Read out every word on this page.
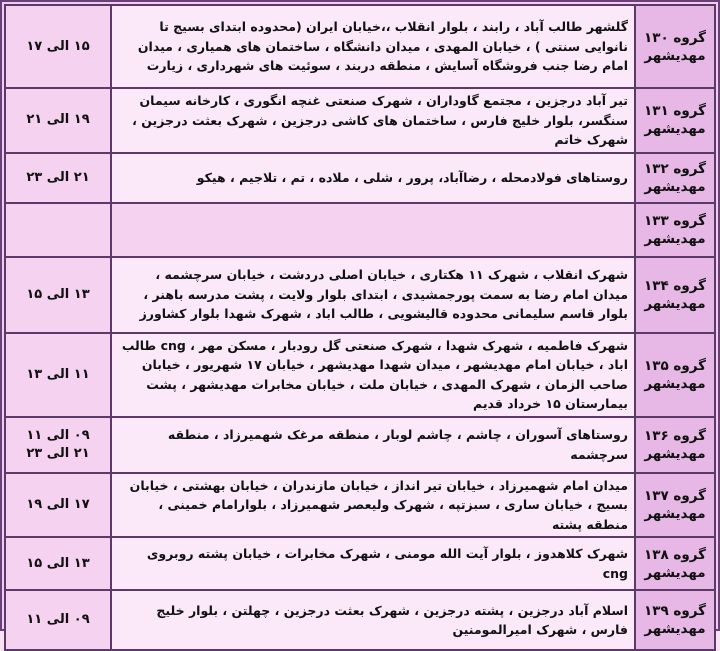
گروه ۱۳۰
مهدیشهر	گلشهر طالب آباد ، رابند ، بلوار انقلاب ،،خیابان ایران (محدوده ابتدای بسیج تا نانوایی سنتی ) ، خیابان المهدی ، میدان دانشگاه ، ساختمان های همیاری ، میدان امام رضا جنب فروشگاه آسایش ، منطقه دربند ، سوئیت های شهرداری ، زیارت	۱۵ الی ۱۷

گروه ۱۳۱
مهدیشهر	تیر آباد درجزین ، مجتمع گاوداران ، شهرک صنعتی غنچه انگوری ، کارخانه سیمان سنگسر، بلوار خلیج فارس ، ساختمان های کاشی درجزین ، شهرک بعثت درجزین ، شهرک خاتم	۱۹ الی ۲۱

گروه ۱۳۲
مهدیشهر	روستاهای فولادمحله ، رضاآباد، پرور ، شلی ، ملاده ، تم ، تلاجیم ، هیکو	۲۱ الی ۲۳

گروه ۱۳۳
مهدیشهر		

گروه ۱۳۴
مهدیشهر	شهرک انقلاب ، شهرک ۱۱ هکتاری ، خیابان اصلی دردشت ، خیابان سرچشمه ، میدان امام رضا به سمت پورجمشیدی ، ابتدای بلوار ولایت ، پشت مدرسه باهنر ، بلوار قاسم سلیمانی محدوده قالیشویی ، طالب اباد ، شهرک شهدا بلوار کشاورز	۱۳ الی ۱۵

گروه ۱۳۵
مهدیشهر	شهرک فاطمیه ، شهرک شهدا ، شهرک صنعتی گل رودبار ، مسکن مهر ، cng طالب اباد ، خیابان امام مهدیشهر ، میدان شهدا مهدیشهر ، خیابان ۱۷ شهریور ، خیابان صاحب الزمان ، شهرک المهدی ، خیابان ملت ، خیابان مخابرات مهدیشهر ، پشت بیمارستان ۱۵ خرداد قدیم	۱۱ الی ۱۳

گروه ۱۳۶
مهدیشهر	روستاهای آسوران ، چاشم ، چاشم لوبار ، منطقه مرغک شهمیرزاد ، منطقه سرچشمه	۰۹ الی ۱۱
۲۱ الی ۲۳

گروه ۱۳۷
مهدیشهر	میدان امام شهمیرزاد ، خیابان تیر انداز ، خیابان مازندران ، خیابان بهشتی ، خیابان بسیج ، خیابان ساری ، سبزتپه ، شهرک ولیعصر شهمیرزاد ، بلوارامام خمینی ، منطقه پشته	۱۷ الی ۱۹

گروه ۱۳۸
مهدیشهر	شهرک کلاهدوز ، بلوار آیت الله مومنی ، شهرک مخابرات ، خیابان پشته روبروی cng	۱۳ الی ۱۵

گروه ۱۳۹
مهدیشهر	اسلام آباد درجزین ، پشته درجزین ، شهرک بعثت درجزین ، چهلتن ، بلوار خلیج فارس ، شهرک امیرالمومنین	۰۹ الی ۱۱
